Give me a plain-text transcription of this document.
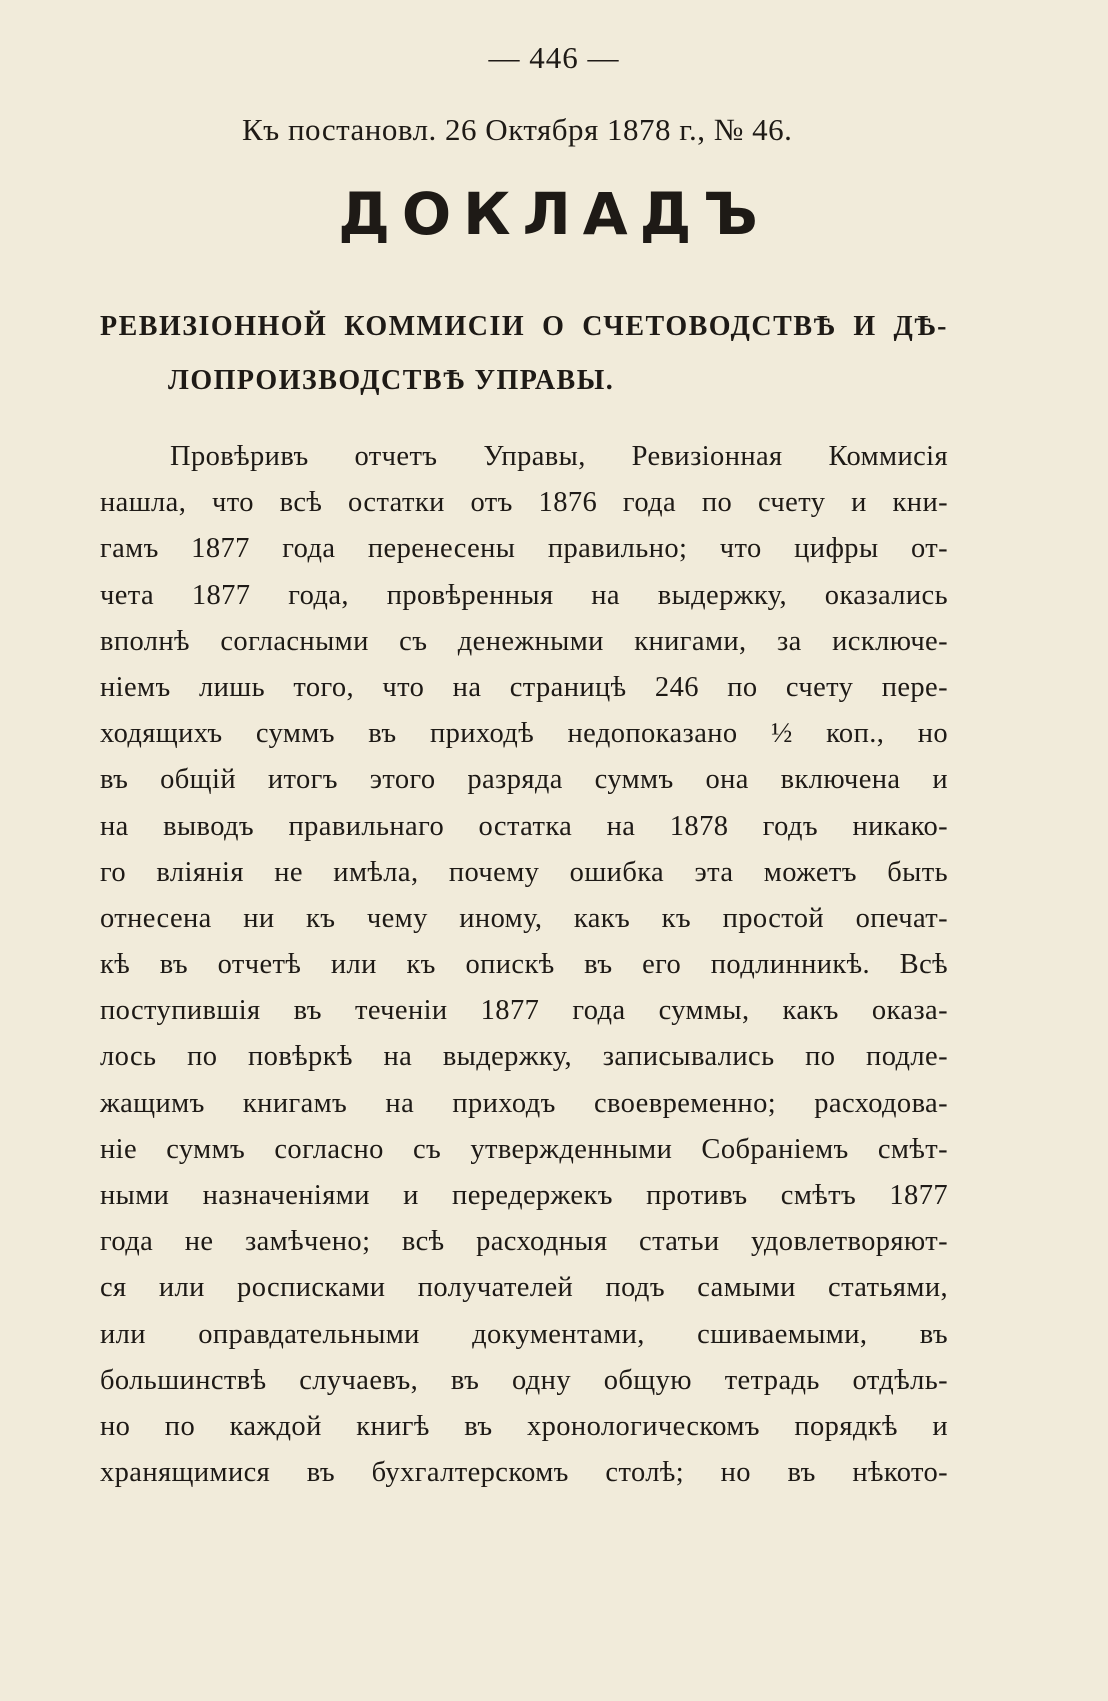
— 446 —
Къ постановл. 26 Октября 1878 г., № 46.
ДОКЛАДЪ
РЕВИЗІОННОЙ КОММИСІИ О СЧЕТОВОДСТВѢ И ДѢ-
ЛОПРОИЗВОДСТВѢ УПРАВЫ.
Провѣривъ отчетъ Управы, Ревизіонная Коммисія
нашла, что всѣ остатки отъ 1876 года по счету и кни-
гамъ 1877 года перенесены правильно; что цифры от-
чета 1877 года, провѣренныя на выдержку, оказались
вполнѣ согласными съ денежными книгами, за исключе-
ніемъ лишь того, что на страницѣ 246 по счету пере-
ходящихъ суммъ въ приходѣ недопоказано ½ коп., но
въ общій итогъ этого разряда суммъ она включена и
на выводъ правильнаго остатка на 1878 годъ никако-
го вліянія не имѣла, почему ошибка эта можетъ быть
отнесена ни къ чему иному, какъ къ простой опечат-
кѣ въ отчетѣ или къ опискѣ въ его подлинникѣ. Всѣ
поступившія въ теченіи 1877 года суммы, какъ оказа-
лось по повѣркѣ на выдержку, записывались по подле-
жащимъ книгамъ на приходъ своевременно; расходова-
ніе суммъ согласно съ утвержденными Собраніемъ смѣт-
ными назначеніями и передержекъ противъ смѣтъ 1877
года не замѣчено; всѣ расходныя статьи удовлетворяют-
ся или росписками получателей подъ самыми статьями,
или оправдательными документами, сшиваемыми, въ
большинствѣ случаевъ, въ одну общую тетрадь отдѣль-
но по каждой книгѣ въ хронологическомъ порядкѣ и
хранящимися въ бухгалтерскомъ столѣ; но въ нѣкото-
